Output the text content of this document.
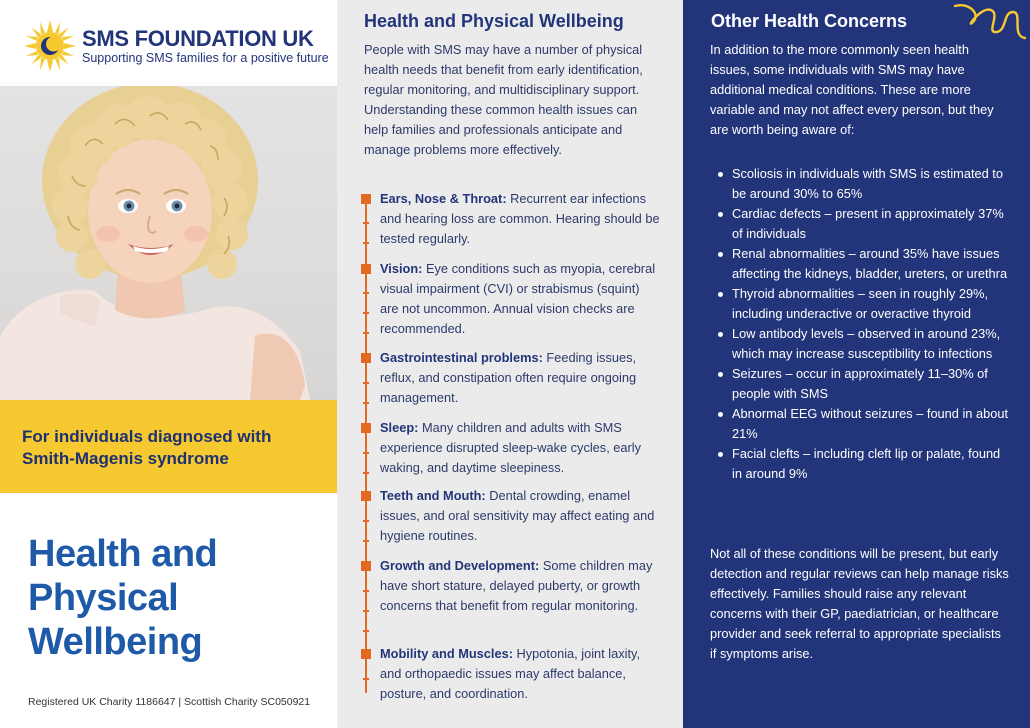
SMS FOUNDATION UK
Supporting SMS families for a positive future

For individuals diagnosed with Smith-Magenis syndrome

Health and
Physical
Wellbeing
Registered UK Charity 1186647 | Scottish Charity SC050921
Health and Physical Wellbeing

People with SMS may have a number of physical health needs that benefit from early identification, regular monitoring, and multidisciplinary support. Understanding these common health issues can help families and professionals anticipate and manage problems more effectively.

Ears, Nose & Throat: Recurrent ear infections and hearing loss are common. Hearing should be tested regularly.
Vision: Eye conditions such as myopia, cerebral visual impairment (CVI) or strabismus (squint) are not uncommon. Annual vision checks are recommended.
Gastrointestinal problems: Feeding issues, reflux, and constipation often require ongoing management.
Sleep: Many children and adults with SMS experience disrupted sleep-wake cycles, early waking, and daytime sleepiness.
Teeth and Mouth: Dental crowding, enamel issues, and oral sensitivity may affect eating and hygiene routines.
Growth and Development: Some children may have short stature, delayed puberty, or growth concerns that benefit from regular monitoring.
Mobility and Muscles: Hypotonia, joint laxity, and orthopaedic issues may affect balance, posture, and coordination.
Other Health Concerns

In addition to the more commonly seen health issues, some individuals with SMS may have additional medical conditions. These are more variable and may not affect every person, but they are worth being aware of:

Scoliosis in individuals with SMS is estimated to be around 30% to 65%
Cardiac defects – present in approximately 37% of individuals
Renal abnormalities – around 35% have issues affecting the kidneys, bladder, ureters, or urethra
Thyroid abnormalities – seen in roughly 29%, including underactive or overactive thyroid
Low antibody levels – observed in around 23%, which may increase susceptibility to infections
Seizures – occur in approximately 11–30% of people with SMS
Abnormal EEG without seizures – found in about 21%
Facial clefts – including cleft lip or palate, found in around 9%

Not all of these conditions will be present, but early detection and regular reviews can help manage risks effectively. Families should raise any relevant concerns with their GP, paediatrician, or healthcare provider and seek referral to appropriate specialists if symptoms arise.
